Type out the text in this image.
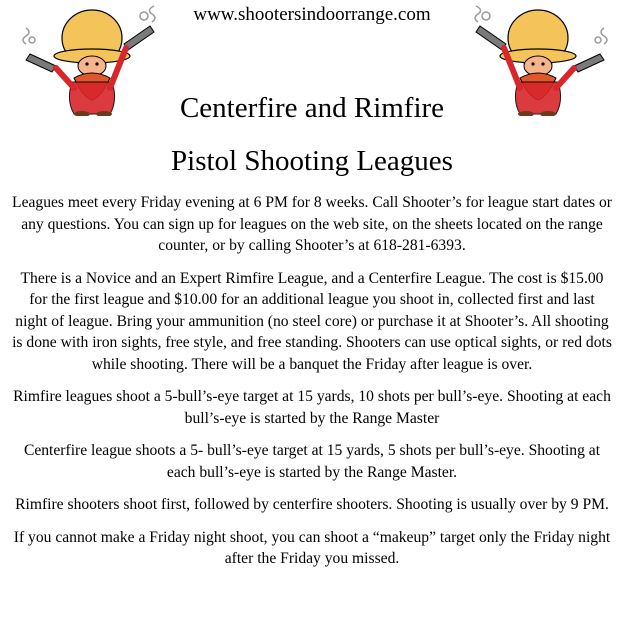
www.shootersindoorrange.com
Centerfire and Rimfire
Pistol Shooting Leagues

Leagues meet every Friday evening at 6 PM for 8 weeks. Call Shooter’s for league start dates or any questions. You can sign up for leagues on the web site, on the sheets located on the range counter, or by calling Shooter’s at 618-281-6393.

There is a Novice and an Expert Rimfire League, and a Centerfire League. The cost is $15.00 for the first league and $10.00 for an additional league you shoot in, collected first and last night of league. Bring your ammunition (no steel core) or purchase it at Shooter’s. All shooting is done with iron sights, free style, and free standing. Shooters can use optical sights, or red dots while shooting. There will be a banquet the Friday after league is over.

Rimfire leagues shoot a 5-bull’s-eye target at 15 yards, 10 shots per bull’s-eye. Shooting at each bull’s-eye is started by the Range Master

Centerfire league shoots a 5- bull’s-eye target at 15 yards, 5 shots per bull’s-eye. Shooting at each bull’s-eye is started by the Range Master.

Rimfire shooters shoot first, followed by centerfire shooters. Shooting is usually over by 9 PM.

If you cannot make a Friday night shoot, you can shoot a “makeup” target only the Friday night after the Friday you missed.
